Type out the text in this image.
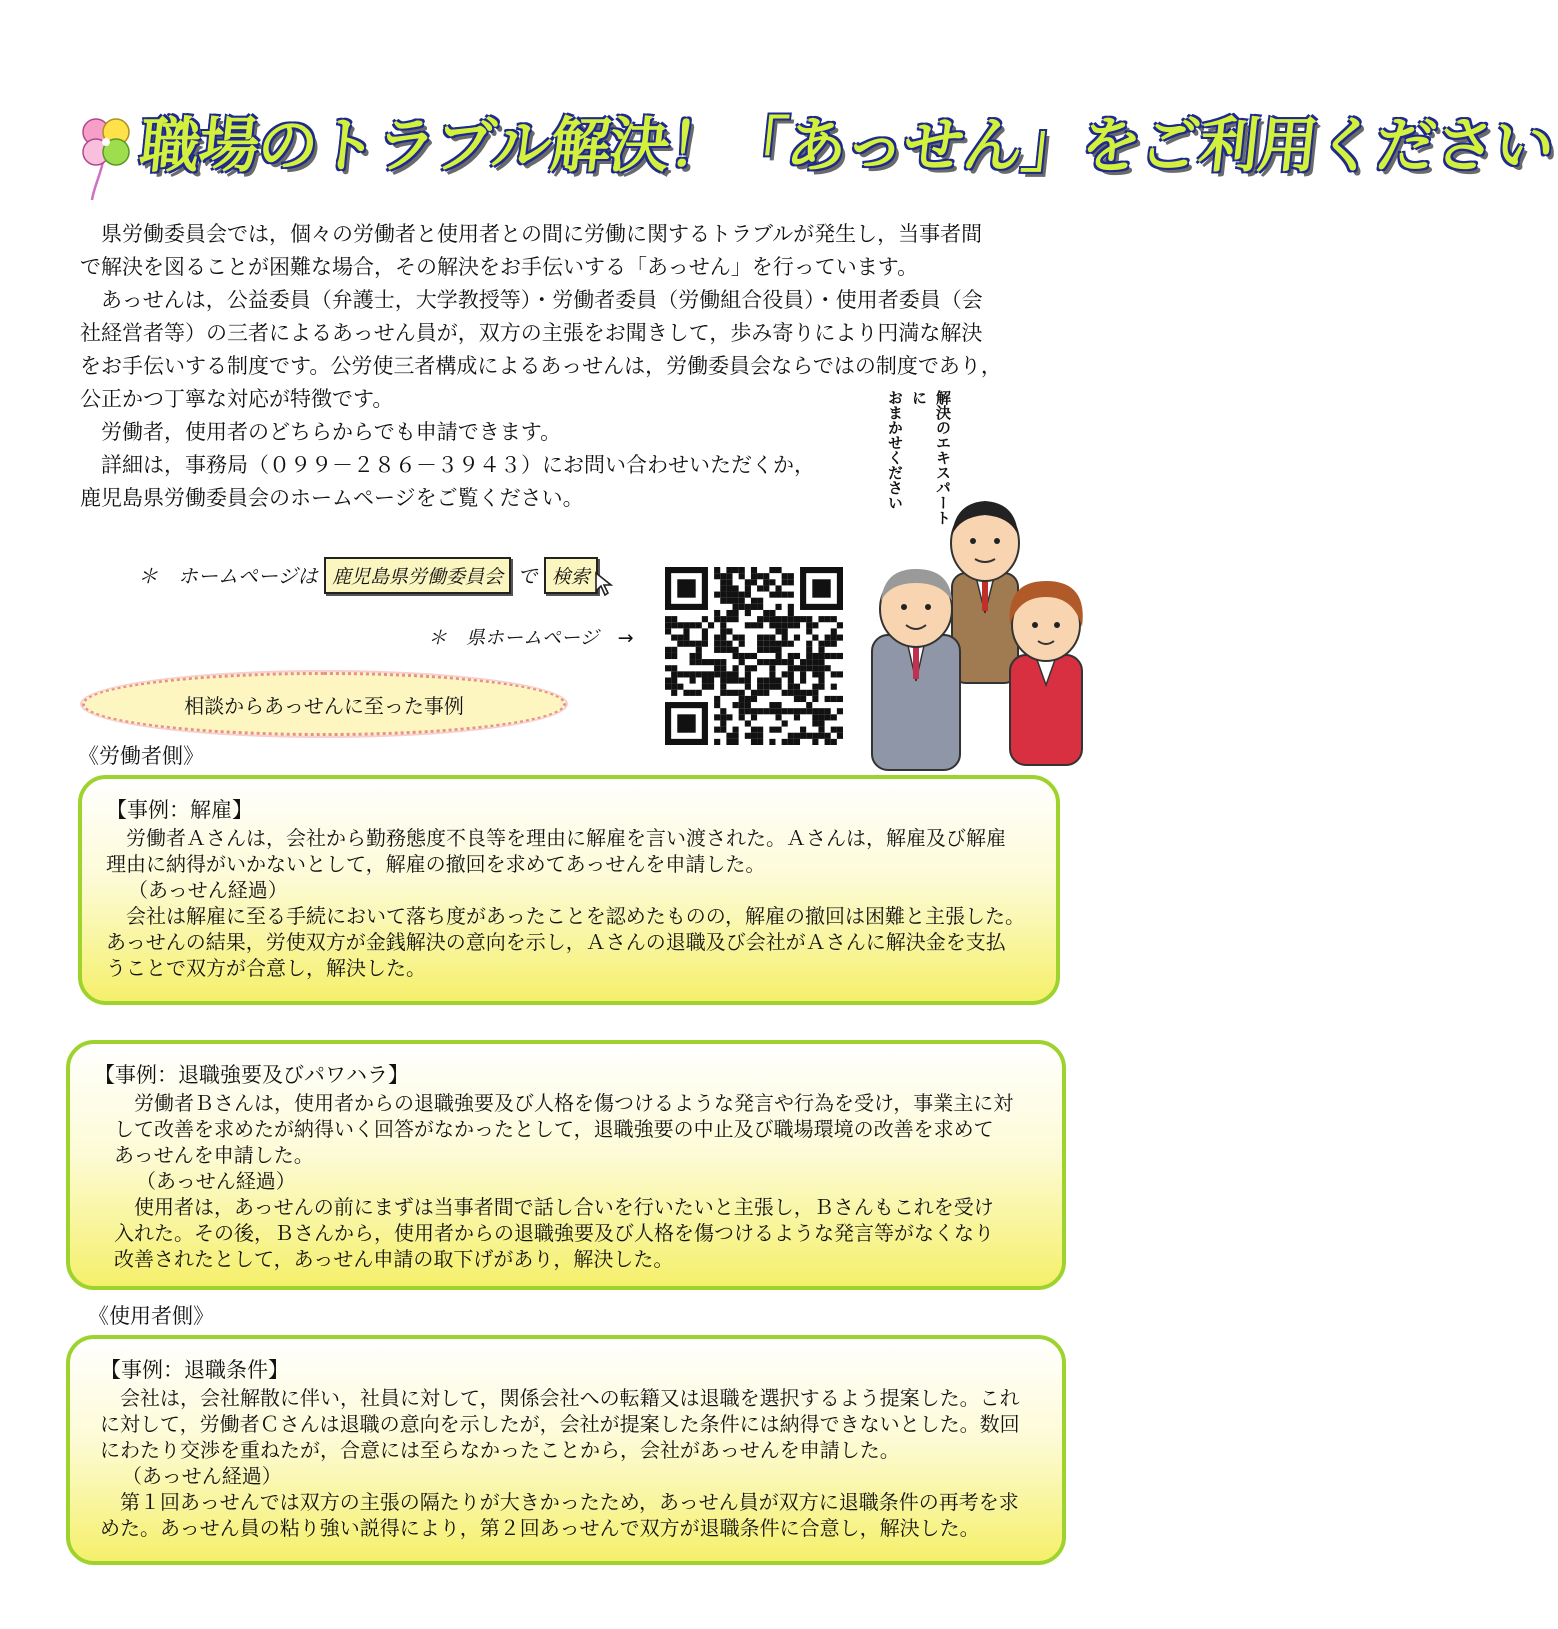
職場のトラブル解決！「あっせん」をご利用ください

　県労働委員会では，個々の労働者と使用者との間に労働に関するトラブルが発生し，当事者間

で解決を図ることが困難な場合，その解決をお手伝いする「あっせん」を行っています。

　あっせんは，公益委員（弁護士，大学教授等）・労働者委員（労働組合役員）・使用者委員（会

社経営者等）の三者によるあっせん員が，双方の主張をお聞きして，歩み寄りにより円満な解決

をお手伝いする制度です。公労使三者構成によるあっせんは，労働委員会ならではの制度であり，

公正かつ丁寧な対応が特徴です。

　労働者，使用者のどちらからでも申請できます。

　詳細は，事務局（０９９－２８６－３９４３）にお問い合わせいただくか，

鹿児島県労働委員会のホームページをご覧ください。	解決のエキスパートに
おまかせください
＊　ホームページは 鹿児島県労働委員会 で 検索
＊　県ホームページ　→
相談からあっせんに至った事例
《労働者側》

【事例：解雇】

　労働者Ａさんは，会社から勤務態度不良等を理由に解雇を言い渡された。Ａさんは，解雇及び解雇

理由に納得がいかないとして，解雇の撤回を求めてあっせんを申請した。

（あっせん経過）

　会社は解雇に至る手続において落ち度があったことを認めたものの，解雇の撤回は困難と主張した。

あっせんの結果，労使双方が金銭解決の意向を示し，Ａさんの退職及び会社がＡさんに解決金を支払

うことで双方が合意し，解決した。

【事例：退職強要及びパワハラ】

　労働者Ｂさんは，使用者からの退職強要及び人格を傷つけるような発言や行為を受け，事業主に対

して改善を求めたが納得いく回答がなかったとして，退職強要の中止及び職場環境の改善を求めて

あっせんを申請した。

（あっせん経過）

　使用者は，あっせんの前にまずは当事者間で話し合いを行いたいと主張し，Ｂさんもこれを受け

入れた。その後，Ｂさんから，使用者からの退職強要及び人格を傷つけるような発言等がなくなり

改善されたとして，あっせん申請の取下げがあり，解決した。

《使用者側》

【事例：退職条件】

　会社は，会社解散に伴い，社員に対して，関係会社への転籍又は退職を選択するよう提案した。これ

に対して，労働者Ｃさんは退職の意向を示したが，会社が提案した条件には納得できないとした。数回

にわたり交渉を重ねたが，合意には至らなかったことから，会社があっせんを申請した。

（あっせん経過）

　第１回あっせんでは双方の主張の隔たりが大きかったため，あっせん員が双方に退職条件の再考を求

めた。あっせん員の粘り強い説得により，第２回あっせんで双方が退職条件に合意し，解決した。
